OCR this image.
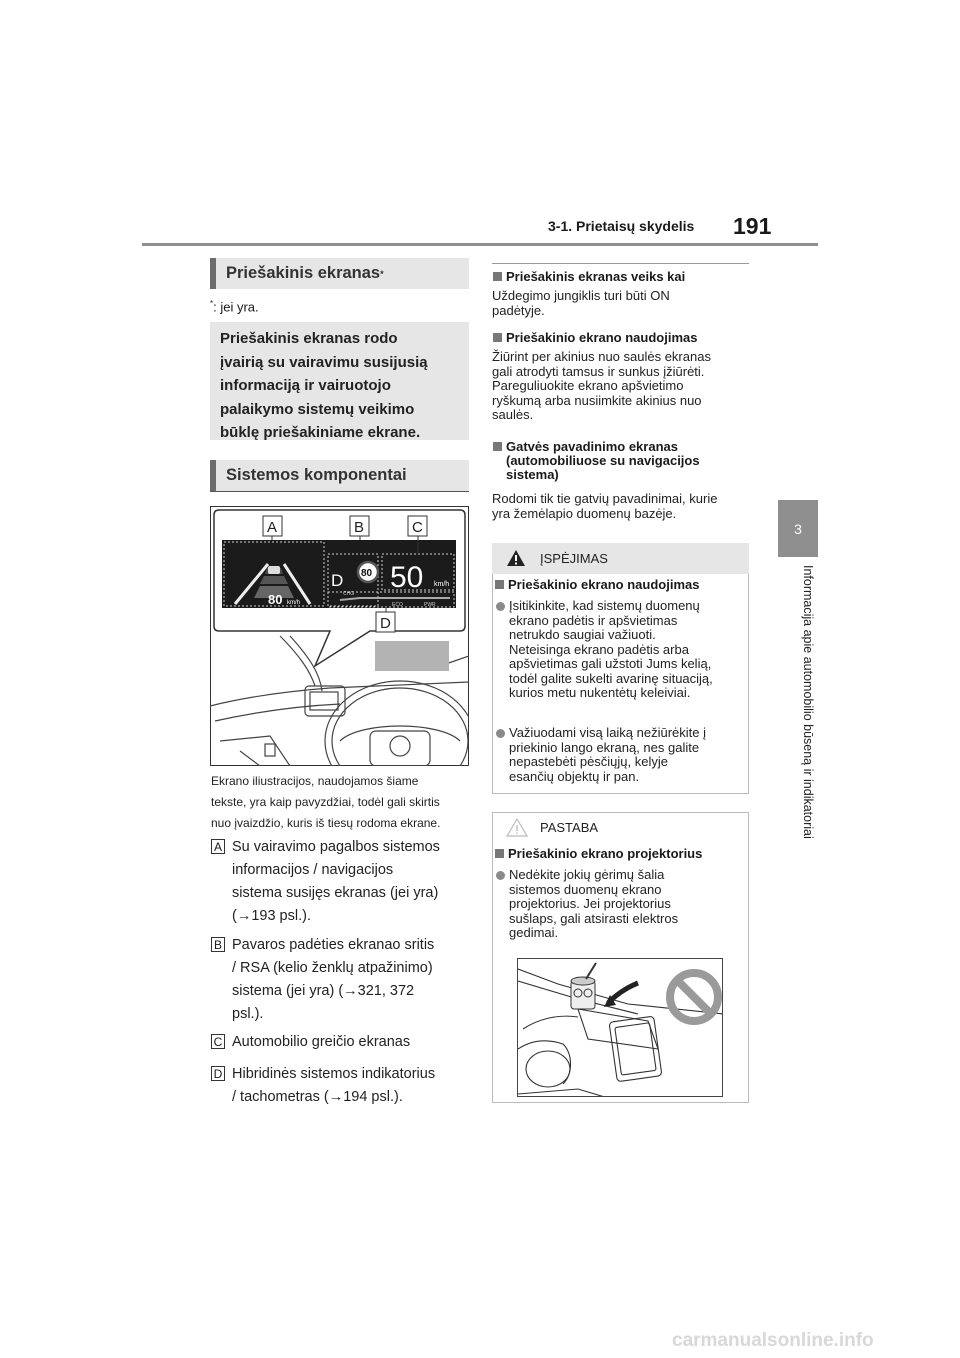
3-1. Prietaisų skydelis 191
3
Informacija apie automobilio būseną ir indikatoriai
Priešakinis ekranas *
*: jei yra.
Priešakinis ekranas rodo
įvairią su vairavimu susijusią
informaciją ir vairuotojo
palaikymo sistemų veikimo
būklę priešakiniame ekrane.
Sistemos komponentai
80 km/h
D 80 50 km/h
CHG
ECO	PWR
A	B	C
D
Ekrano iliustracijos, naudojamos šiame
tekste, yra kaip pavyzdžiai, todėl gali skirtis
nuo įvaizdžio, kuris iš tiesų rodoma ekrane.
A Su vairavimo pagalbos sistemos
informacijos / navigacijos
sistema susijęs ekranas (jei yra)
(→193 psl.).
B Pavaros padėties ekranao sritis
/ RSA (kelio ženklų atpažinimo)
sistema (jei yra) (→321, 372
psl.).
C Automobilio greičio ekranas
D Hibridinės sistemos indikatorius
/ tachometras (→194 psl.).
Priešakinis ekranas veiks kai
Uždegimo jungiklis turi būti ON
padėtyje.
Priešakinio ekrano naudojimas
Žiūrint per akinius nuo saulės ekranas
gali atrodyti tamsus ir sunkus įžiūrėti.
Pareguliuokite ekrano apšvietimo
ryškumą arba nusiimkite akinius nuo
saulės.
Gatvės pavadinimo ekranas
(automobiliuose su navigacijos
sistema)
Rodomi tik tie gatvių pavadinimai, kurie
yra žemėlapio duomenų bazėje.
ĮSPĖJIMAS
Priešakinio ekrano naudojimas
Įsitikinkite, kad sistemų duomenų
ekrano padėtis ir apšvietimas
netrukdo saugiai važiuoti.
Neteisinga ekrano padėtis arba
apšvietimas gali užstoti Jums kelią,
todėl galite sukelti avarinę situaciją,
kurios metu nukentėtų keleiviai.
Važiuodami visą laiką nežiūrėkite į
priekinio lango ekraną, nes galite
nepastebėti pėsčiųjų, kelyje
esančių objektų ir pan.
PASTABA
Priešakinio ekrano projektorius
Nedėkite jokių gėrimų šalia
sistemos duomenų ekrano
projektorius. Jei projektorius
sušlaps, gali atsirasti elektros
gedimai.
carmanualsonline.info
